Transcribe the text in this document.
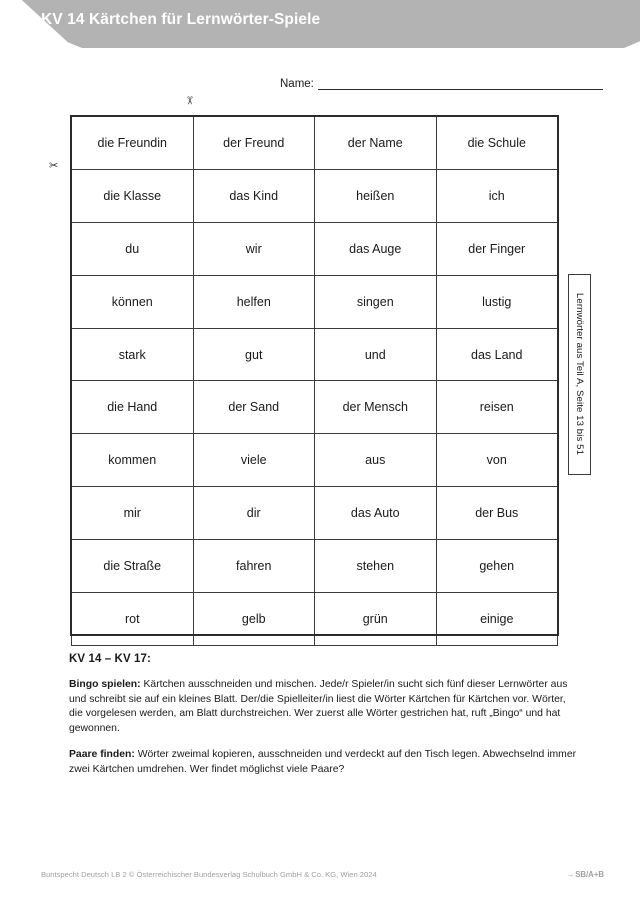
KV 14 Kärtchen für Lernwörter-Spiele
Name:
✂
✂
die Freundin	der Freund	der Name	die Schule
die Klasse	das Kind	heißen	ich
du	wir	das Auge	der Finger
können	helfen	singen	lustig
stark	gut	und	das Land
die Hand	der Sand	der Mensch	reisen
kommen	viele	aus	von
mir	dir	das Auto	der Bus
die Straße	fahren	stehen	gehen
rot	gelb	grün	einige
Lernwörter aus Teil A, Seite 13 bis 51
KV 14 – KV 17:
Bingo spielen: Kärtchen ausschneiden und mischen. Jede/r Spieler/in sucht sich fünf dieser Lernwörter aus und schreibt sie auf ein kleines Blatt. Der/die Spielleiter/in liest die Wörter Kärtchen für Kärtchen vor. Wörter, die vorgelesen werden, am Blatt durchstreichen. Wer zuerst alle Wörter gestrichen hat, ruft „Bingo“ und hat gewonnen.
Paare finden: Wörter zweimal kopieren, ausschneiden und verdeckt auf den Tisch legen. Abwechselnd immer zwei Kärtchen umdrehen. Wer findet möglichst viele Paare?
Buntspecht Deutsch LB 2 © Österreichischer Bundesverlag Schulbuch GmbH & Co. KG, Wien 2024	→SB/A+B
